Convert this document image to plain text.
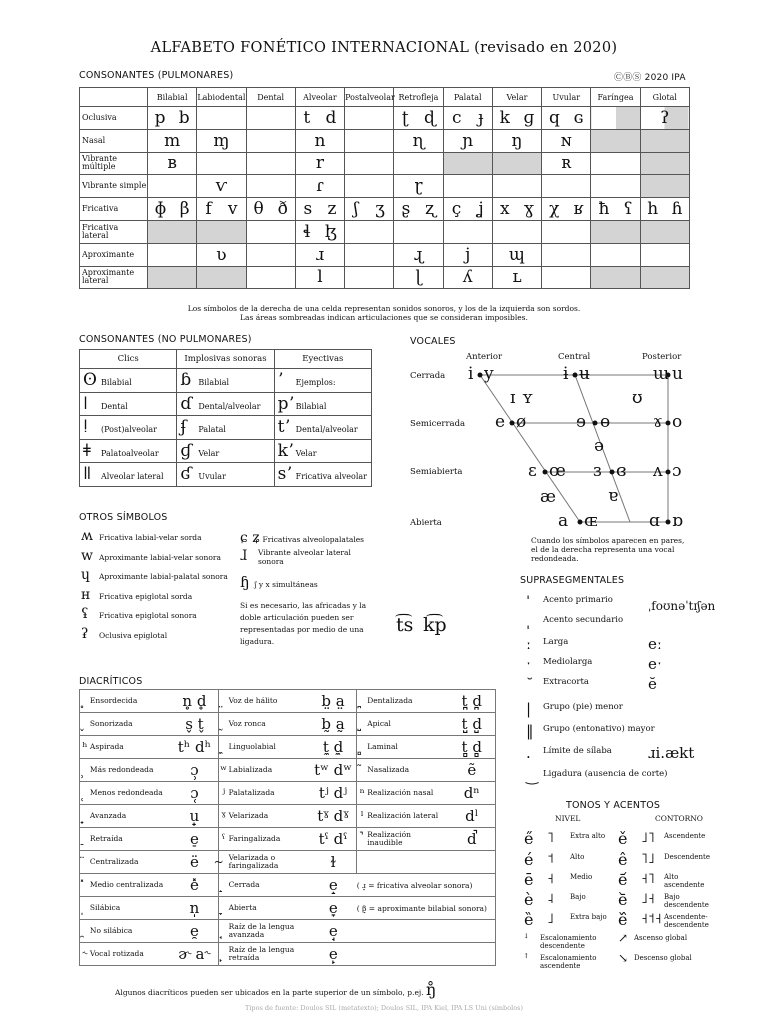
ALFABETO FONÉTICO INTERNACIONAL (revisado en 2020)
CONSONANTES (PULMONARES)	ⒸⒷⓈ 2020 IPA
	Bilabial	Labiodental	Dental	Alveolar	Postalveolar	Retrofleja	Palatal	Velar	Uvular	Faríngea	Glotal
Oclusiva	p b			t d		ʈ ɖ	c ɟ	k ɡ	q ɢ		ʔ
Nasal	m	ɱ		n		ɳ	ɲ	ŋ	ɴ		
Vibrante múltiple	ʙ			r					ʀ		
Vibrante simple		ⱱ		ɾ		ɽ					
Fricativa	ɸ β	f v	θ ð	s z	ʃ ʒ	ʂ ʐ	ç ʝ	x ɣ	χ ʁ	ħ ʕ	h ɦ

Fricativa lateral				ɬ ɮ							

Aproximante		ʋ		ɹ		ɻ	j	ɰ			
Aproximante lateral				l		ɭ	ʎ	ʟ			
Los símbolos de la derecha de una celda representan sonidos sonoros, y los de la izquierda son sordos.
Las áreas sombreadas indican articulaciones que se consideran imposibles.
CONSONANTES (NO PULMONARES)
Clics	Implosivas sonoras	Eyectivas
ʘ Bilabial	ɓ Bilabial	ʼ Ejemplos:
ǀ Dental	ɗ Dental/alveolar	pʼ Bilabial
ǃ (Post)alveolar	ʄ Palatal	tʼ Dental/alveolar
ǂ Palatoalveolar	ɠ Velar	kʼ Velar
ǁ Alveolar lateral	ʛ Uvular	sʼ Fricativa alveolar
VOCALES
Anterior	Central	Posterior
Cerrada
Semicerrada
Semiabierta
Abierta
i y	ɨ ʉ	ɯ u
ɪ ʏ	ʊ
e ø	ɘ ɵ	ɤ o
ə
ɛ œ ɜ ɞ ʌ ɔ
æ	ɐ
a ɶ	ɑ ɒ
Cuando los símbolos aparecen en pares, el de la derecha representa una vocal redondeada.
OTROS SÍMBOLOS
ʍ Fricativa labial-velar sorda
w Aproximante labial-velar sonora
ɥ Aproximante labial-palatal sonora
ʜ Fricativa epiglotal sorda
ʢ Fricativa epiglotal sonora
ʡ Oclusiva epiglotal
ɕ ʑ Fricativas alveolopalatales
ɺ	Vibrante alveolar lateral sonora
ɧ ʃ y x simultáneas
Si es necesario, las africadas y la doble articulación pueden ser representadas por medio de una ligadura.
t͡s k͡p
SUPRASEGMENTALES
ˈ Acento primario	ˌfoʊnəˈtɪʃən
ˌ Acento secundario
ː Larga	eː
ˑ Mediolarga	eˑ
˘ Extracorta	ĕ
| Grupo (pie) menor
‖ Grupo (entonativo) mayor
. Límite de sílaba ɹi.ækt
‿ Ligadura (ausencia de corte)
TONOS Y ACENTOS
NIVEL	CONTORNO
e̋ ˥ Extra alto
é ˦ Alto
ē ˧ Medio
è ˨ Bajo
ȅ ˩ Extra bajo
ꜜ Escalonamiento descendente
ꜛ Escalonamiento ascendente
ě ˩˥ Ascendente
ê ˥˩ Descendente
e᷄ ˧˥ Alto ascendente
e᷅ ˩˧ Bajo descendente
e᷈ ˧˦˧ Ascendente-descendente
↗ Ascenso global
↘ Descenso global
DIACRÍTICOS
	Ensordecida	n̥ d̥		Voz de hálito	b̤ a̤		Dentalizada	t̪ d̪
	Sonorizada	s̬ t̬		Voz ronca	b̰ a̰		Apical	t̺ d̺
ʰ	Aspirada	tʰ dʰ		Linguolabial	t̼ d̼		Laminal	t̻ d̻
	Más redondeada	ɔ̹	ʷ	Labializada	tʷ dʷ		Nasalizada	ẽ
	Menos redondeada	ɔ̜	ʲ	Palatalizada	tʲ dʲ	ⁿ	Realización nasal	dⁿ
	Avanzada	u̟	ˠ	Velarizada	tˠ dˠ	ˡ	Realización lateral	dˡ
	Retraída	e̠	ˤ	Faringalizada	tˤ dˤ		Realización inaudible	d̚
	Centralizada	ë		Velarizada o faringalizada	ɫ			
	Medio centralizada	e̽		Cerrada	e̝	( ɹ̝ = fricativa alveolar sonora)		
	Silábica	n̩		Abierta	e̞	( β̞ = aproximante bilabial sonora)		
	No silábica	e̯		Raíz de la lengua avanzada	e̘			
˞	Vocal rotizada	ɚ a˞		Raíz de la lengua retraída	e̙			
Algunos diacríticos pueden ser ubicados en la parte superior de un símbolo, p.ej. ŋ̊
Tipos de fuente: Doulos SIL (metatexto); Doulos SIL, IPA Kiel, IPA LS Uni (símbolos)
